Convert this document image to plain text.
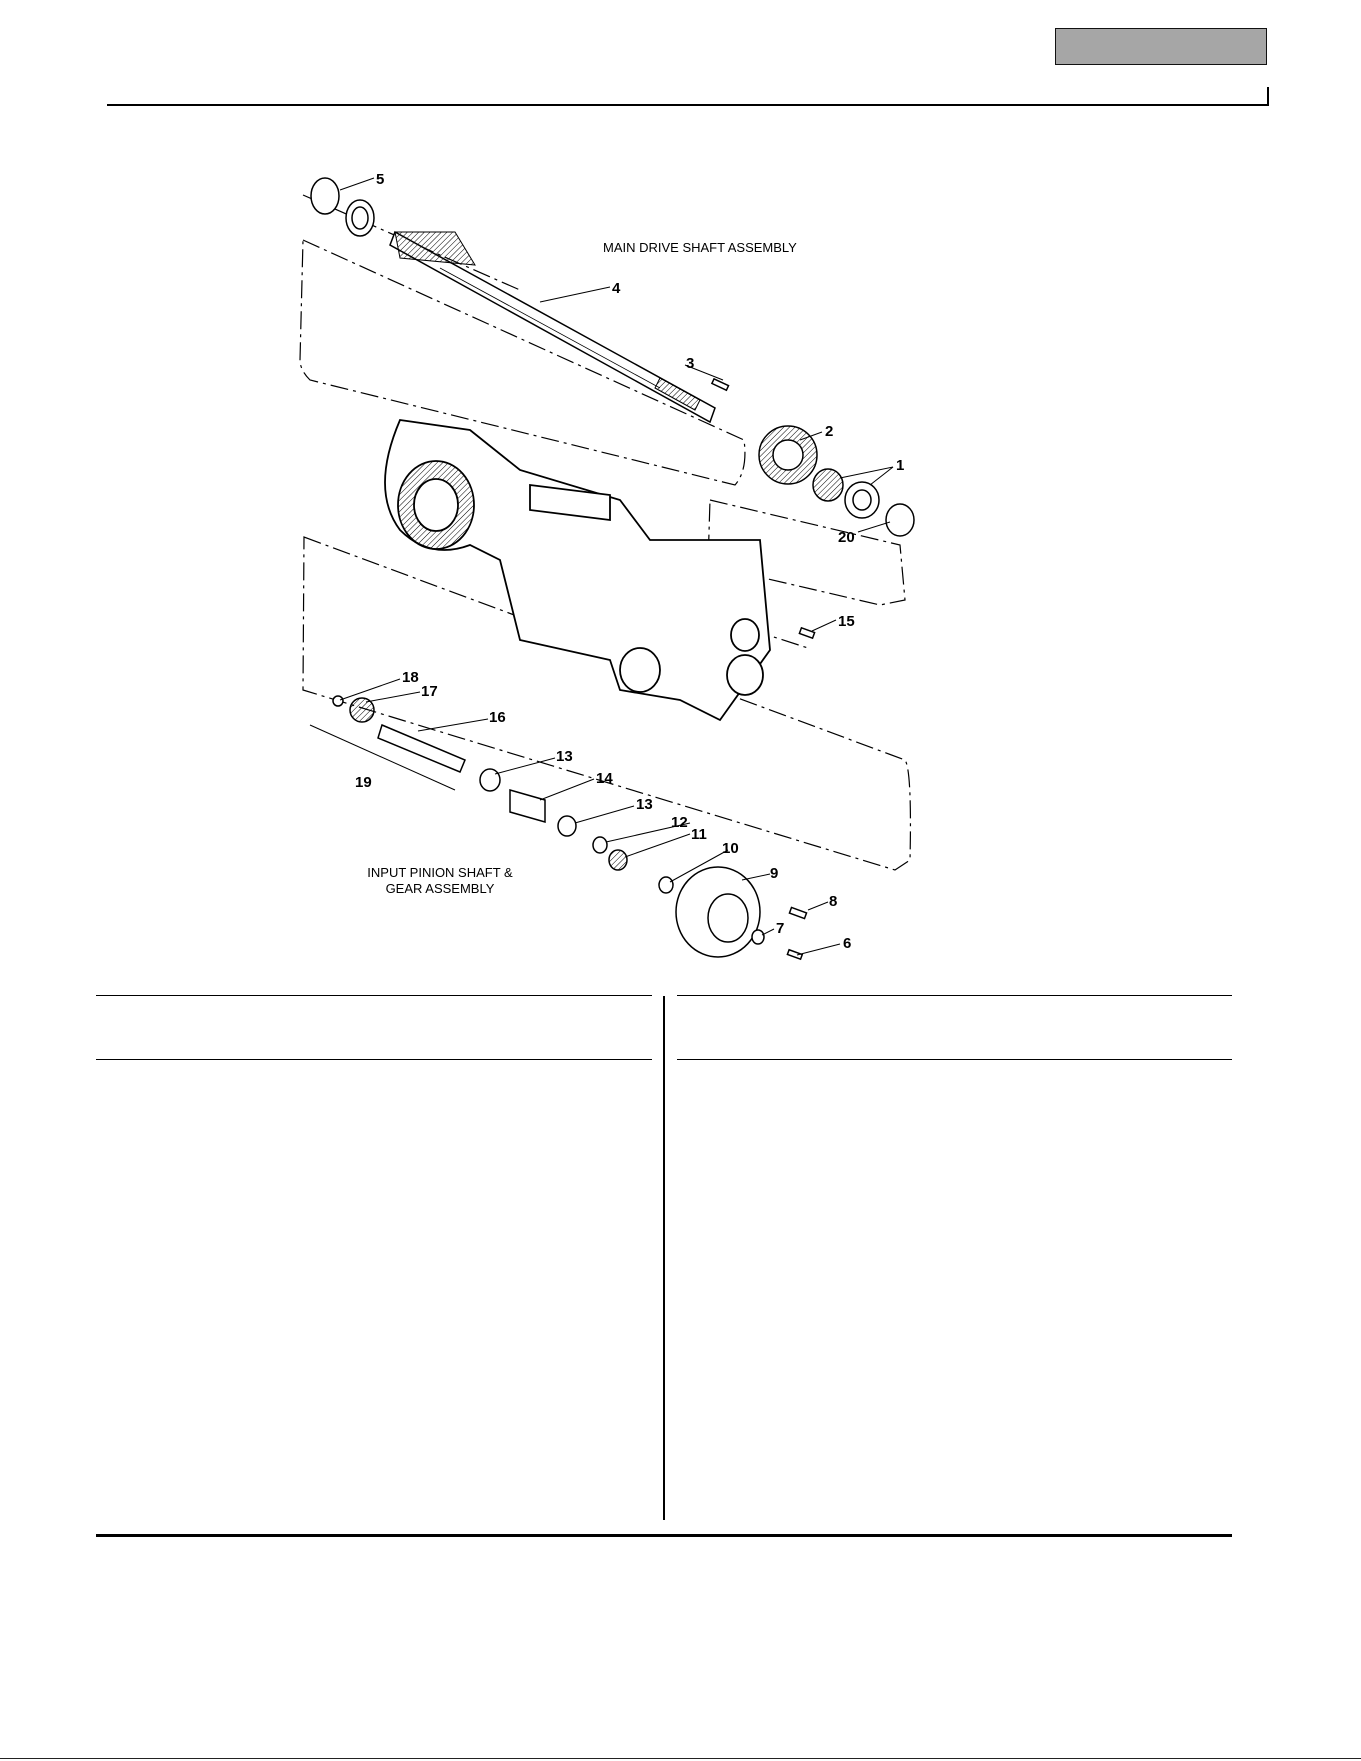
5
4
3
2
1
20
15
18
17
16
19
13
14
13
12
11
10
9
8
7
6
MAIN DRIVE SHAFT ASSEMBLY
INPUT PINION SHAFT &
GEAR ASSEMBLY
